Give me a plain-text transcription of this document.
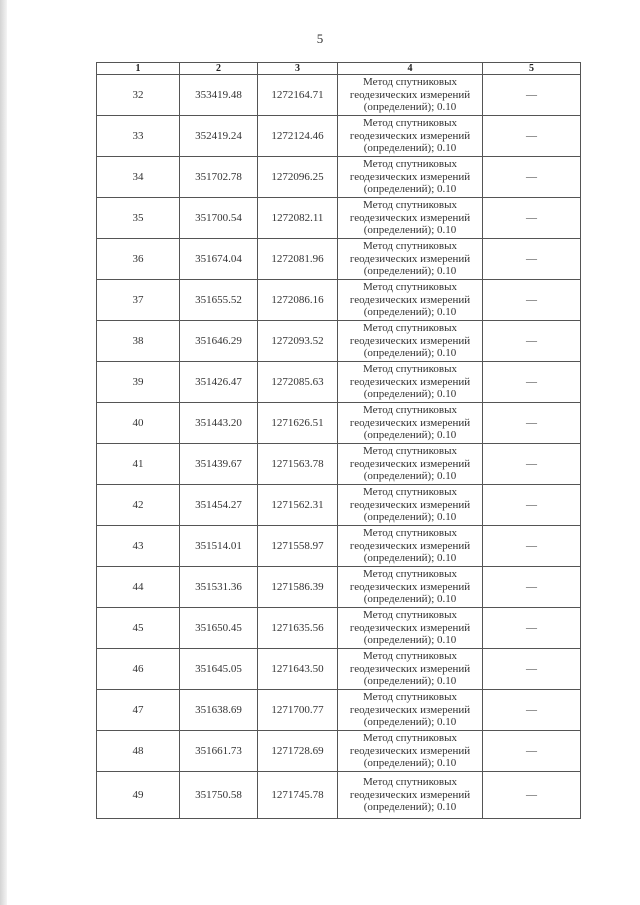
5
1	2	3	4	5
32	353419.48	1272164.71	Метод спутниковых
геодезических измерений
(определений); 0.10	—
33	352419.24	1272124.46	Метод спутниковых
геодезических измерений
(определений); 0.10	—
34	351702.78	1272096.25	Метод спутниковых
геодезических измерений
(определений); 0.10	—
35	351700.54	1272082.11	Метод спутниковых
геодезических измерений
(определений); 0.10	—
36	351674.04	1272081.96	Метод спутниковых
геодезических измерений
(определений); 0.10	—
37	351655.52	1272086.16	Метод спутниковых
геодезических измерений
(определений); 0.10	—
38	351646.29	1272093.52	Метод спутниковых
геодезических измерений
(определений); 0.10	—
39	351426.47	1272085.63	Метод спутниковых
геодезических измерений
(определений); 0.10	—
40	351443.20	1271626.51	Метод спутниковых
геодезических измерений
(определений); 0.10	—
41	351439.67	1271563.78	Метод спутниковых
геодезических измерений
(определений); 0.10	—
42	351454.27	1271562.31	Метод спутниковых
геодезических измерений
(определений); 0.10	—
43	351514.01	1271558.97	Метод спутниковых
геодезических измерений
(определений); 0.10	—
44	351531.36	1271586.39	Метод спутниковых
геодезических измерений
(определений); 0.10	—
45	351650.45	1271635.56	Метод спутниковых
геодезических измерений
(определений); 0.10	—
46	351645.05	1271643.50	Метод спутниковых
геодезических измерений
(определений); 0.10	—
47	351638.69	1271700.77	Метод спутниковых
геодезических измерений
(определений); 0.10	—
48	351661.73	1271728.69	Метод спутниковых
геодезических измерений
(определений); 0.10	—
49	351750.58	1271745.78	Метод спутниковых
геодезических измерений
(определений); 0.10	—
